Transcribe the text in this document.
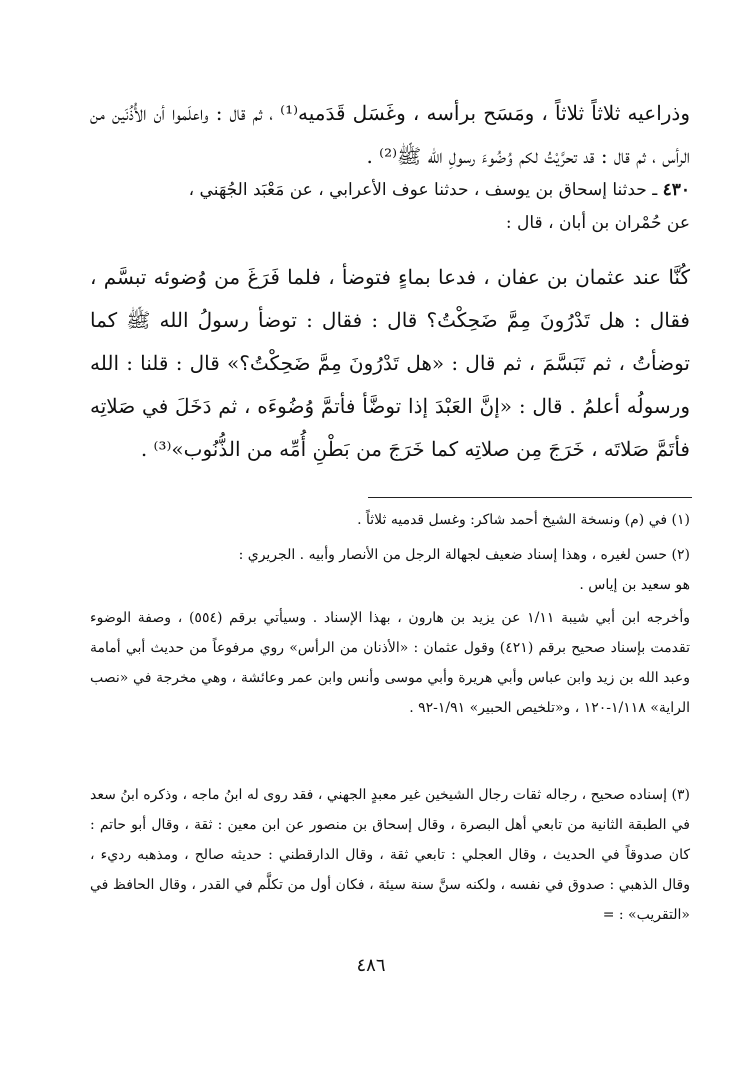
وذراعيه ثلاثاً ثلاثاً ، ومَسَح برأسه ، وغَسَل قَدَميه⁽¹⁾ ، ثم قال : واعلَموا أن الأُذُنَين من الرأس ، ثم قال : قد تحرَّيْتُ لكم وُضُوءَ رسولِ الله ﷺ⁽²⁾ .
٤٣٠ ـ حدثنا إسحاق بن يوسف ، حدثنا عوف الأعرابي ، عن مَعْبَد الجُهَني ،
عن حُمْران بن أبان ، قال :
كُنَّا عند عثمان بن عفان ، فدعا بماءٍ فتوضأ ، فلما فَرَغَ من وُضوئه تبسَّم ، فقال : هل تَدْرُونَ مِمَّ ضَحِكْتُ؟ قال : فقال : توضأ رسولُ الله ﷺ كما توضأتُ ، ثم تَبَسَّمَ ، ثم قال : «هل تَدْرُونَ مِمَّ ضَحِكْتُ؟» قال : قلنا : الله ورسولُه أعلمُ . قال : «إنَّ العَبْدَ إذا توضَّأ فأتمَّ وُضُوءَه ، ثم دَخَلَ في صَلاتِه فأتَمَّ صَلاتَه ، خَرَجَ مِن صلاتِه كما خَرَجَ من بَطْنِ أُمِّه من الذُّنُوب»⁽³⁾ .
(١) في (م) ونسخة الشيخ أحمد شاكر: وغسل قدميه ثلاثاً .
(٢) حسن لغيره ، وهذا إسناد ضعيف لجهالة الرجل من الأنصار وأبيه . الجريري :
هو سعيد بن إياس .
وأخرجه ابن أبي شيبة ١/١١ عن يزيد بن هارون ، بهذا الإسناد . وسيأتي برقم (٥٥٤) ، وصفة الوضوء تقدمت بإسناد صحيح برقم (٤٢١) وقول عثمان : «الأذنان من الرأس» روي مرفوعاً من حديث أبي أمامة وعبد الله بن زيد وابن عباس وأبي هريرة وأبي موسى وأنس وابن عمر وعائشة ، وهي مخرجة في «نصب الراية» ١/١١٨-١٢٠ ، و«تلخيص الحبير» ١/٩١-٩٢ .
(٣) إسناده صحيح ، رجاله ثقات رجال الشيخين غير معبدٍ الجهني ، فقد روى له ابنُ ماجه ، وذكره ابنُ سعد في الطبقة الثانية من تابعي أهل البصرة ، وقال إسحاق بن منصور عن ابن معين : ثقة ، وقال أبو حاتم : كان صدوقاً في الحديث ، وقال العجلي : تابعي ثقة ، وقال الدارقطني : حديثه صالح ، ومذهبه رديء ، وقال الذهبي : صدوق في نفسه ، ولكنه سنَّ سنة سيئة ، فكان أول من تكلَّم في القدر ، وقال الحافظ في «التقريب» : =
٤٨٦
